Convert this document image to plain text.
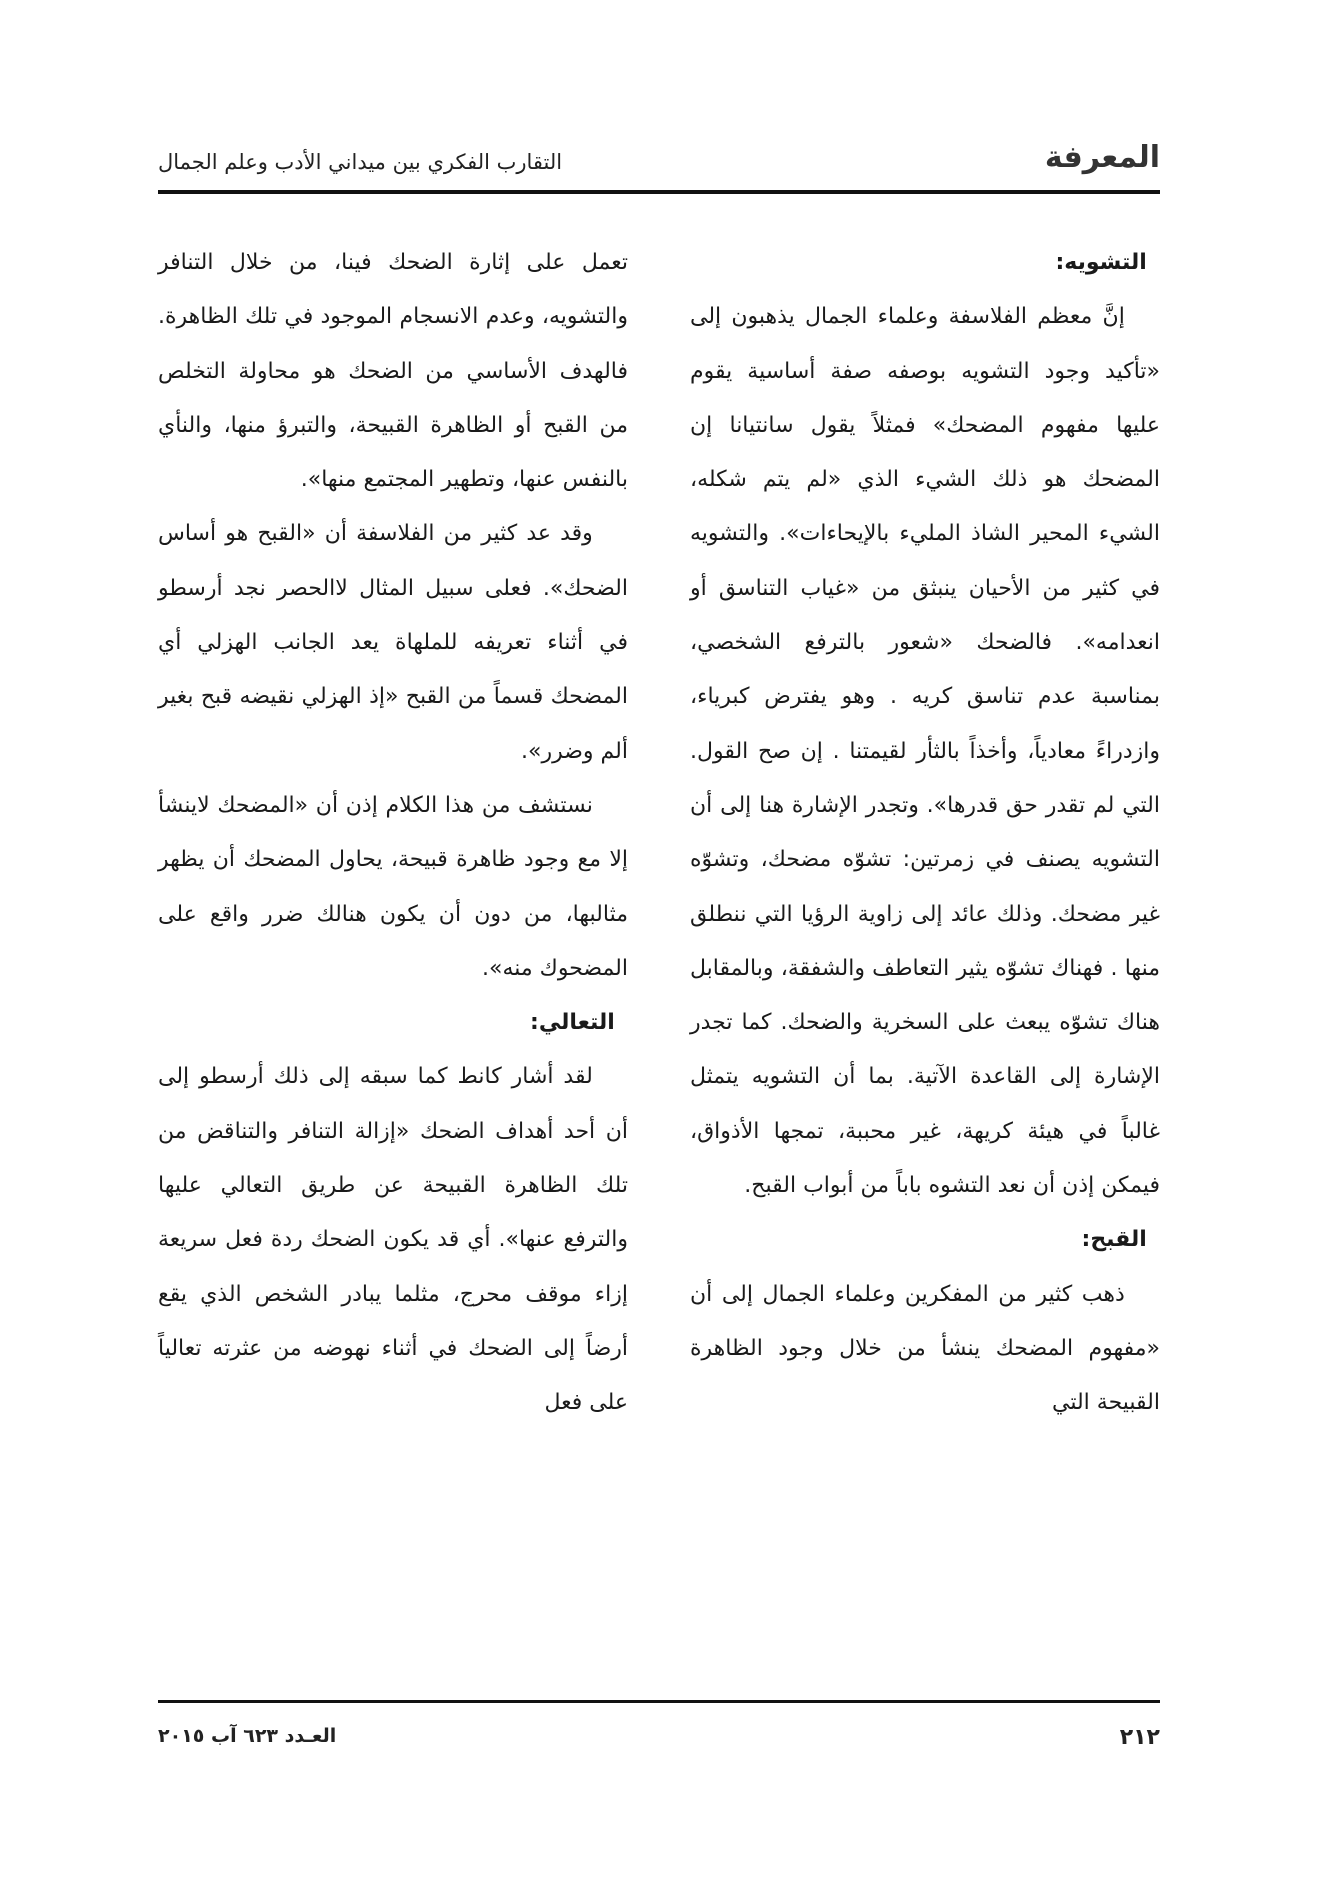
التقارب الفكري بين ميداني الأدب وعلم الجمال	المعرفة
التشويه:

إنَّ معظم الفلاسفة وعلماء الجمال يذهبون إلى «تأكيد وجود التشويه بوصفه صفة أساسية يقوم عليها مفهوم المضحك» فمثلاً يقول سانتيانا إن المضحك هو ذلك الشيء الذي «لم يتم شكله، الشيء المحير الشاذ المليء بالإيحاءات». والتشويه في كثير من الأحيان ينبثق من «غياب التناسق أو انعدامه». فالضحك «شعور بالترفع الشخصي، بمناسبة عدم تناسق كريه . وهو يفترض كبرياء، وازدراءً معادياً، وأخذاً بالثأر لقيمتنا . إن صح القول. التي لم تقدر حق قدرها». وتجدر الإشارة هنا إلى أن التشويه يصنف في زمرتين: تشوّه مضحك، وتشوّه غير مضحك. وذلك عائد إلى زاوية الرؤيا التي ننطلق منها . فهناك تشوّه يثير التعاطف والشفقة، وبالمقابل هناك تشوّه يبعث على السخرية والضحك. كما تجدر الإشارة إلى القاعدة الآتية. بما أن التشويه يتمثل غالباً في هيئة كريهة، غير محببة، تمجها الأذواق، فيمكن إذن أن نعد التشوه باباً من أبواب القبح.

القبح:

ذهب كثير من المفكرين وعلماء الجمال إلى أن «مفهوم المضحك ينشأ من خلال وجود الظاهرة القبيحة التي

تعمل على إثارة الضحك فينا، من خلال التنافر والتشويه، وعدم الانسجام الموجود في تلك الظاهرة. فالهدف الأساسي من الضحك هو محاولة التخلص من القبح أو الظاهرة القبيحة، والتبرؤ منها، والنأي بالنفس عنها، وتطهير المجتمع منها».

وقد عد كثير من الفلاسفة أن «القبح هو أساس الضحك». فعلى سبيل المثال لاالحصر نجد أرسطو في أثناء تعريفه للملهاة يعد الجانب الهزلي أي المضحك قسماً من القبح «إذ الهزلي نقيضه قبح بغير ألم وضرر».

نستشف من هذا الكلام إذن أن «المضحك لاينشأ إلا مع وجود ظاهرة قبيحة، يحاول المضحك أن يظهر مثالبها، من دون أن يكون هنالك ضرر واقع على المضحوك منه».

التعالي:

لقد أشار كانط كما سبقه إلى ذلك أرسطو إلى أن أحد أهداف الضحك «إزالة التنافر والتناقض من تلك الظاهرة القبيحة عن طريق التعالي عليها والترفع عنها». أي قد يكون الضحك ردة فعل سريعة إزاء موقف محرج، مثلما يبادر الشخص الذي يقع أرضاً إلى الضحك في أثناء نهوضه من عثرته تعالياً على فعل

٢١٢
العـدد ٦٢٣ آب ٢٠١٥
